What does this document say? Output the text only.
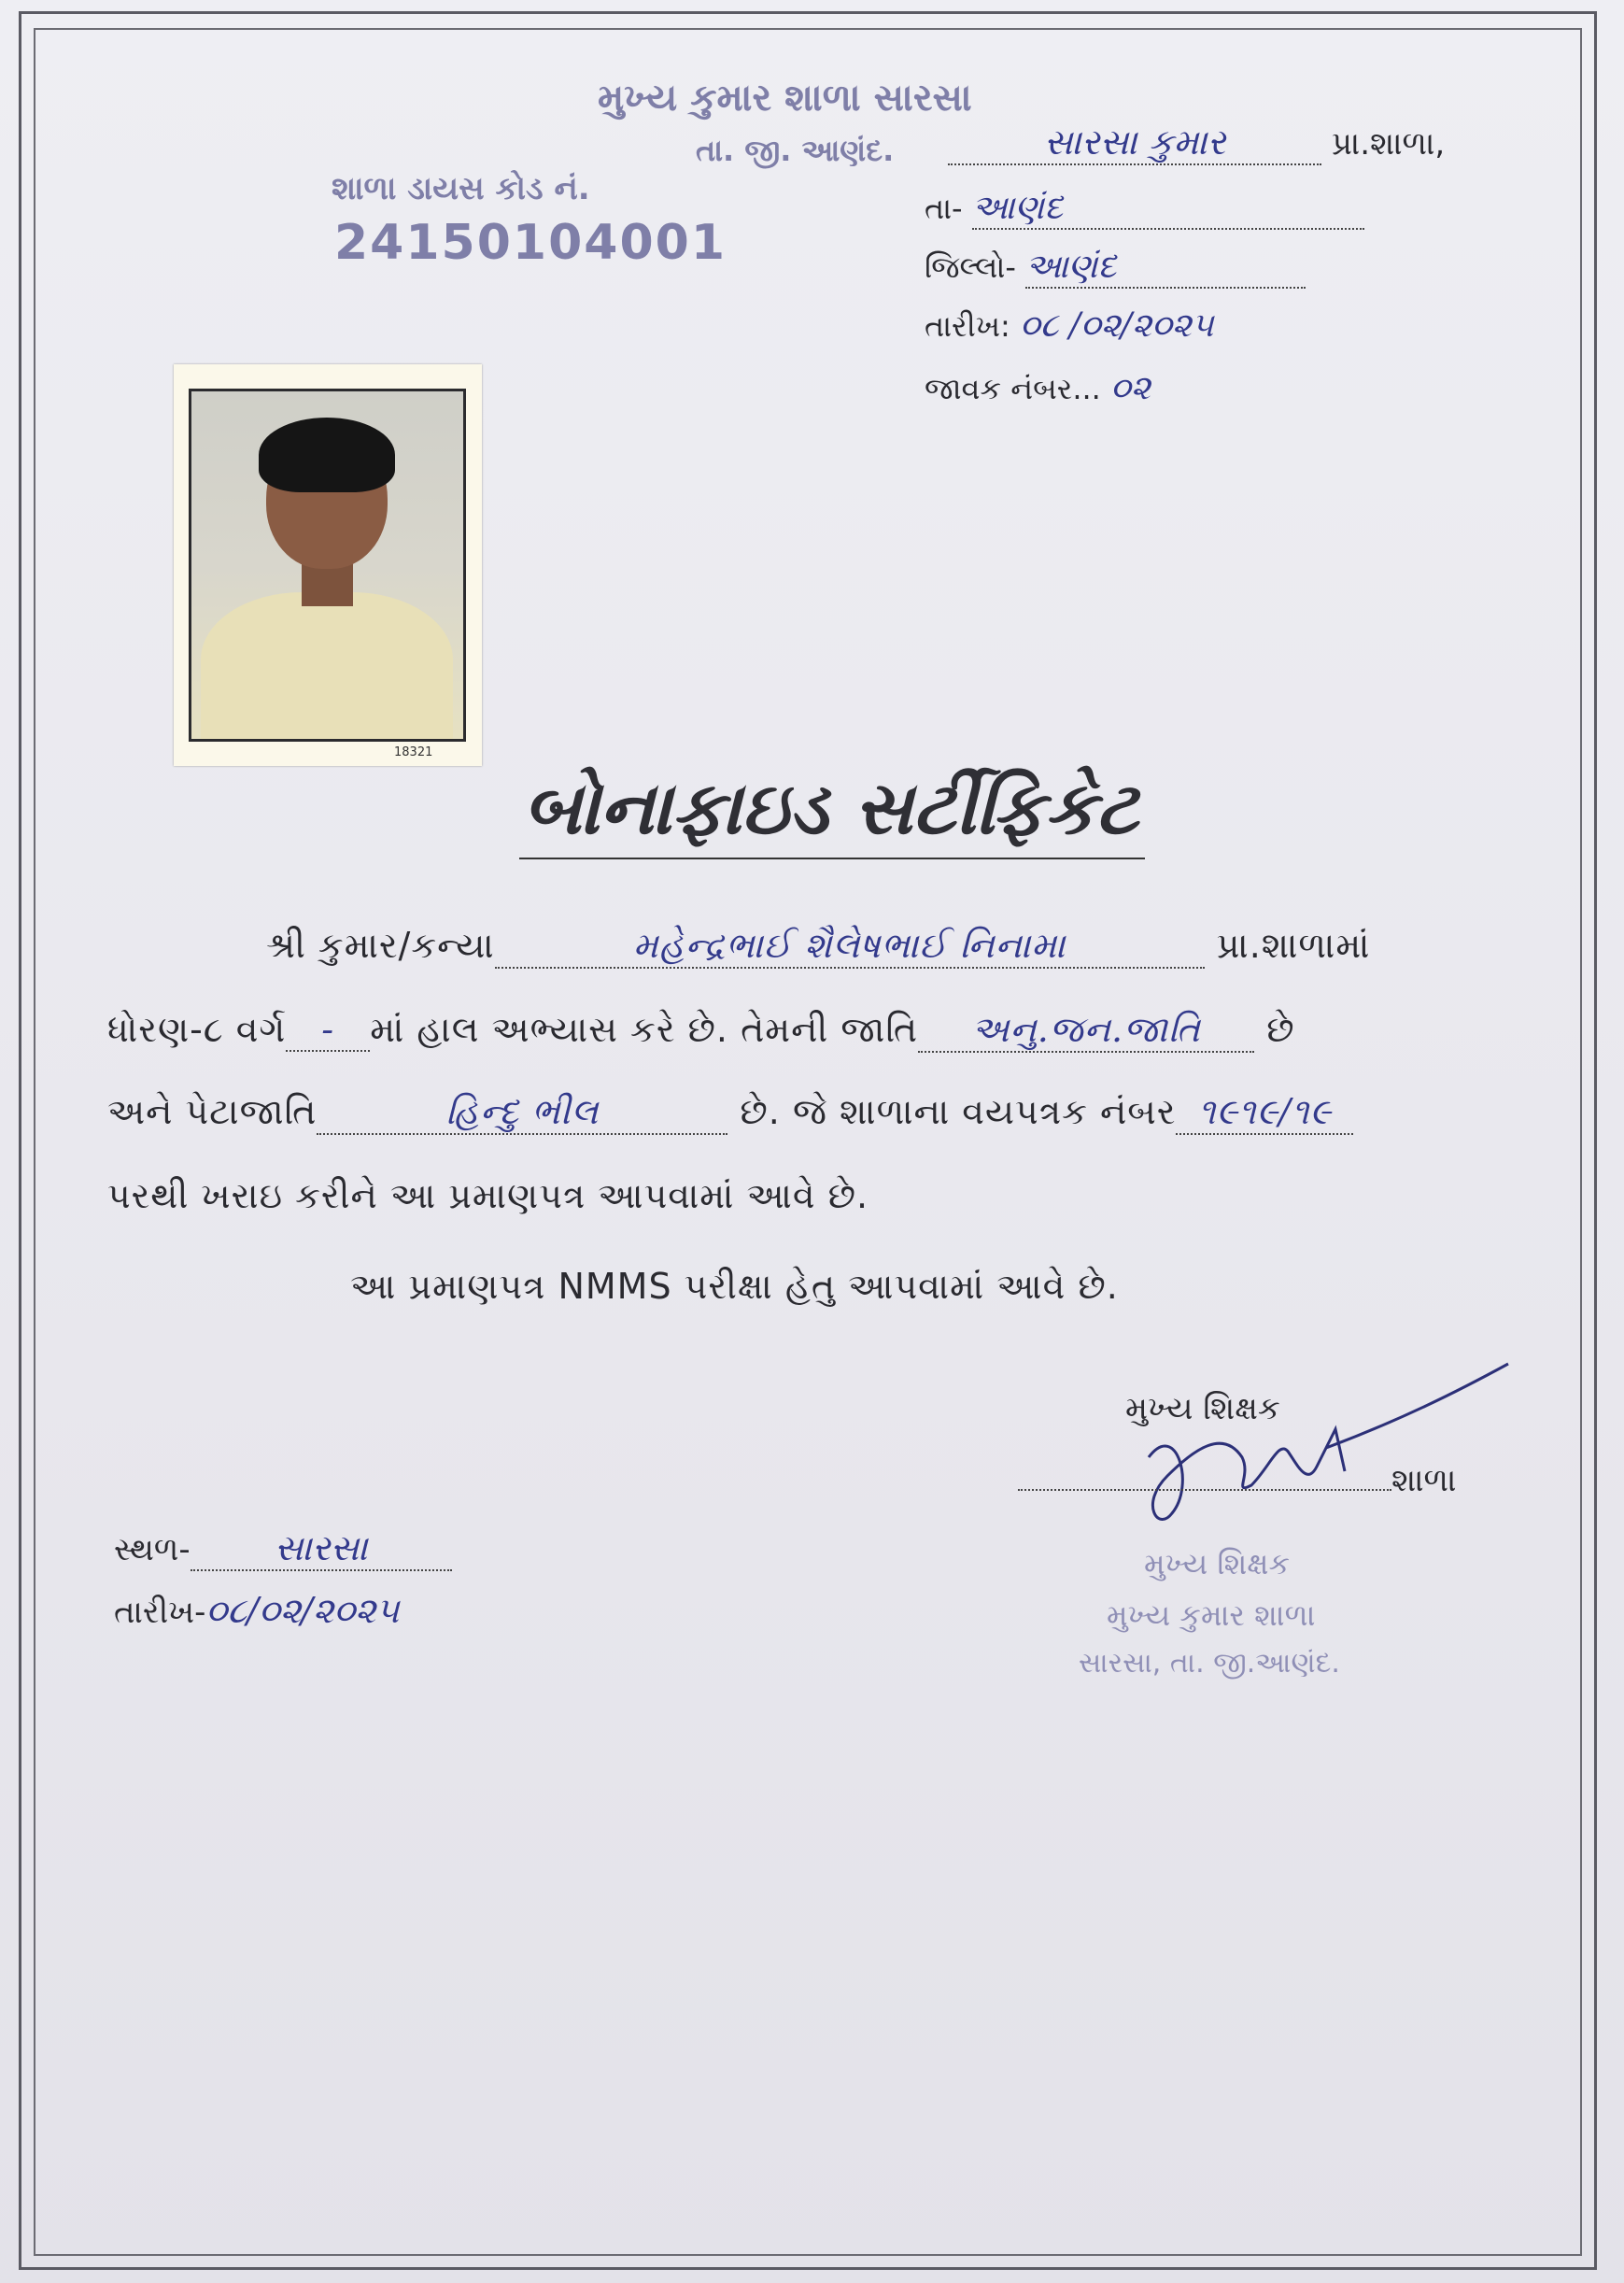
મુખ્ય કુમાર શાળા સારસા
તા. જી. આણંદ.
શાળા ડાયસ કોડ નં.
24150104001
સારસા કુમાર	પ્રા.શાળા,
તા- આણંદ
જિલ્લો- આણંદ
તારીખ: ૦૮ /૦૨/૨૦૨૫
જાવક નંબર... ૦૨
18321
બોનાફાઇડ સર્ટીફિકેટ
શ્રી કુમાર/કન્યા	મહેન્દ્રભાઈ શૈલેષભાઈ નિનામા	પ્રા.શાળામાં
ધોરણ-૮ વર્ગ - માં હાલ અભ્યાસ કરે છે. તેમની જાતિ અનુ.જન.જાતિ છે
અને પેટાજાતિ	હિન્દુ ભીલ	છે. જે શાળાના વયપત્રક નંબર ૧૯૧૯/૧૯
પરથી ખરાઇ કરીને આ પ્રમાણપત્ર આપવામાં આવે છે.
આ પ્રમાણપત્ર NMMS પરીક્ષા હેતુ આપવામાં આવે છે.
મુખ્ય શિક્ષક
શાળા
મુખ્ય શિક્ષક
મુખ્ય કુમાર શાળા
સારસા, તા. જી.આણંદ.
સ્થળ- સારસા
તારીખ-૦૮/૦૨/૨૦૨૫
